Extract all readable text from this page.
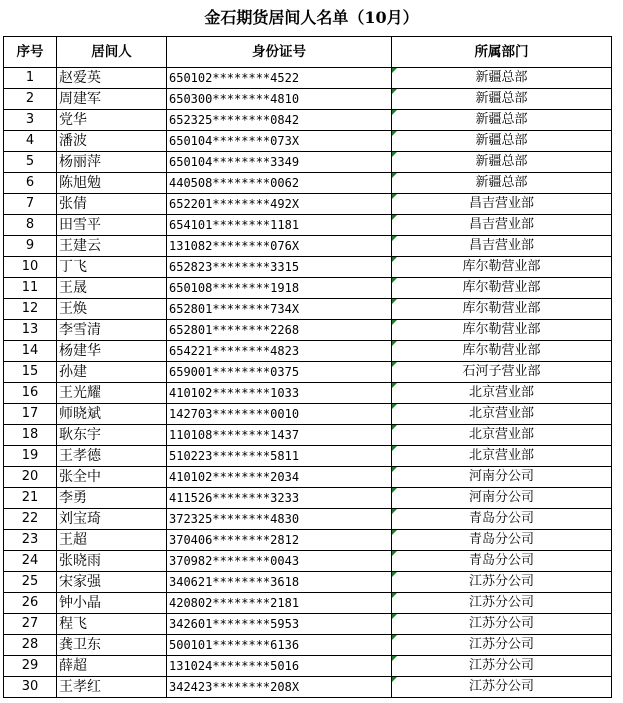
金石期货居间人名单（10月）
序号	居间人	身份证号	所属部门
1	赵爱英	650102********4522	新疆总部
2	周建军	650300********4810	新疆总部
3	党华	652325********0842	新疆总部
4	潘波	650104********073X	新疆总部
5	杨丽萍	650104********3349	新疆总部
6	陈旭勉	440508********0062	新疆总部
7	张倩	652201********492X	昌吉营业部
8	田雪平	654101********1181	昌吉营业部
9	王建云	131082********076X	昌吉营业部
10	丁飞	652823********3315	库尔勒营业部
11	王晟	650108********1918	库尔勒营业部
12	王焕	652801********734X	库尔勒营业部
13	李雪清	652801********2268	库尔勒营业部
14	杨建华	654221********4823	库尔勒营业部
15	孙建	659001********0375	石河子营业部
16	王光耀	410102********1033	北京营业部
17	师晓斌	142703********0010	北京营业部
18	耿东宇	110108********1437	北京营业部
19	王孝德	510223********5811	北京营业部
20	张全中	410102********2034	河南分公司
21	李勇	411526********3233	河南分公司
22	刘宝琦	372325********4830	青岛分公司
23	王超	370406********2812	青岛分公司
24	张晓雨	370982********0043	青岛分公司
25	宋家强	340621********3618	江苏分公司
26	钟小晶	420802********2181	江苏分公司
27	程飞	342601********5953	江苏分公司
28	龚卫东	500101********6136	江苏分公司
29	薛超	131024********5016	江苏分公司
30	王孝红	342423********208X	江苏分公司
